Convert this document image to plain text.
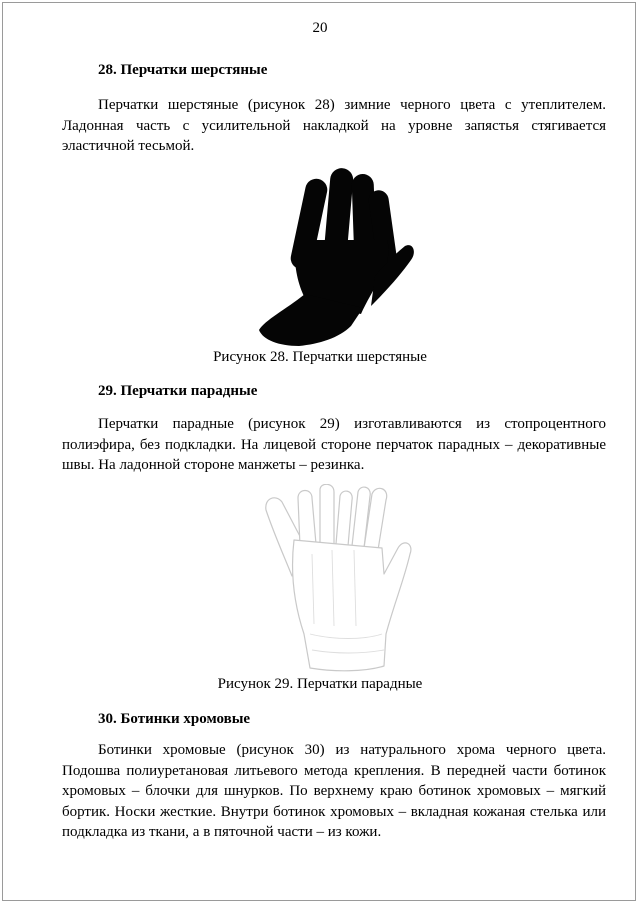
20
28. Перчатки шерстяные

Перчатки шерстяные (рисунок 28) зимние черного цвета с утеплителем.
Ладонная часть с усилительной накладкой на уровне запястья стягивается
эластичной тесьмой.

Рисунок 28. Перчатки шерстяные
29. Перчатки парадные

Перчатки парадные (рисунок 29) изготавливаются из стопроцентного
полиэфира, без подкладки. На лицевой стороне перчаток парадных – декоративные
швы. На ладонной стороне манжеты – резинка.

Рисунок 29. Перчатки парадные
30. Ботинки хромовые

Ботинки хромовые (рисунок 30) из натурального хрома черного цвета.
Подошва полиуретановая литьевого метода крепления. В передней части ботинок
хромовых – блочки для шнурков. По верхнему краю ботинок хромовых – мягкий
бортик. Носки жесткие. Внутри ботинок хромовых – вкладная кожаная стелька или
подкладка из ткани, а в пяточной части – из кожи.
